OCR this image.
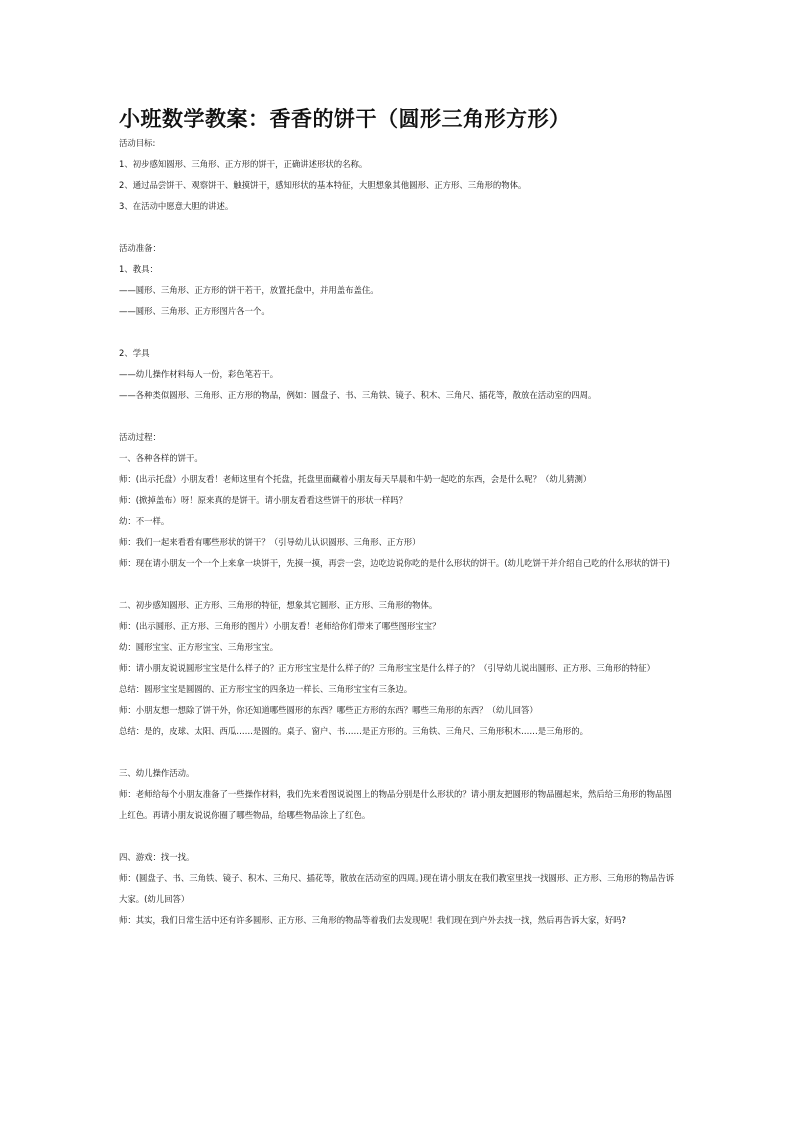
小班数学教案：香香的饼干（圆形三角形方形）
活动目标:
1、初步感知圆形、三角形、正方形的饼干，正确讲述形状的名称。
2、通过品尝饼干、观察饼干、触摸饼干，感知形状的基本特征，大胆想象其他圆形、正方形、三角形的物体。
3、在活动中愿意大胆的讲述。
活动准备：
1、教具：
——圆形、三角形、正方形的饼干若干，放置托盘中，并用盖布盖住。
——圆形、三角形、正方形图片各一个。
2、学具
——幼儿操作材料每人一份，彩色笔若干。
——各种类似圆形、三角形、正方形的物品，例如：圆盘子、书、三角铁、镜子、积木、三角尺、插花等，散放在活动室的四周。
活动过程：
一、各种各样的饼干。
师：(出示托盘）小朋友看！老师这里有个托盘，托盘里面藏着小朋友每天早晨和牛奶一起吃的东西，会是什么呢？（幼儿猜测）
师：(掀掉盖布）呀！原来真的是饼干。请小朋友看看这些饼干的形状一样吗？
幼：不一样。
师：我们一起来看看有哪些形状的饼干？（引导幼儿认识圆形、三角形、正方形）
师：现在请小朋友一个一个上来拿一块饼干，先摸一摸，再尝一尝，边吃边说你吃的是什么形状的饼干。(幼儿吃饼干并介绍自己吃的什么形状的饼干)
二、初步感知圆形、正方形、三角形的特征，想象其它圆形、正方形、三角形的物体。
师：(出示圆形、正方形、三角形的图片）小朋友看！老师给你们带来了哪些图形宝宝？
幼：圆形宝宝、正方形宝宝、三角形宝宝。
师：请小朋友说说圆形宝宝是什么样子的？正方形宝宝是什么样子的？三角形宝宝是什么样子的？（引导幼儿说出圆形、正方形、三角形的特征）
总结：圆形宝宝是圆圆的、正方形宝宝的四条边一样长、三角形宝宝有三条边。
师：小朋友想一想除了饼干外，你还知道哪些圆形的东西？哪些正方形的东西？哪些三角形的东西？（幼儿回答）
总结：是的，皮球、太阳、西瓜……是圆的。桌子、窗户、书……是正方形的。三角铁、三角尺、三角形积木……是三角形的。
三、幼儿操作活动。
师：老师给每个小朋友准备了一些操作材料，我们先来看图说说图上的物品分别是什么形状的？请小朋友把圆形的物品圈起来，然后给三角形的物品图上红色。再请小朋友说说你圈了哪些物品，给哪些物品涂上了红色。
四、游戏：找一找。
师：(圆盘子、书、三角铁、镜子、积木、三角尺、插花等，散放在活动室的四周。)现在请小朋友在我们教室里找一找圆形、正方形、三角形的物品告诉大家。(幼儿回答）
师：其实，我们日常生活中还有许多圆形、正方形、三角形的物品等着我们去发现呢！我们现在到户外去找一找，然后再告诉大家，好吗?
